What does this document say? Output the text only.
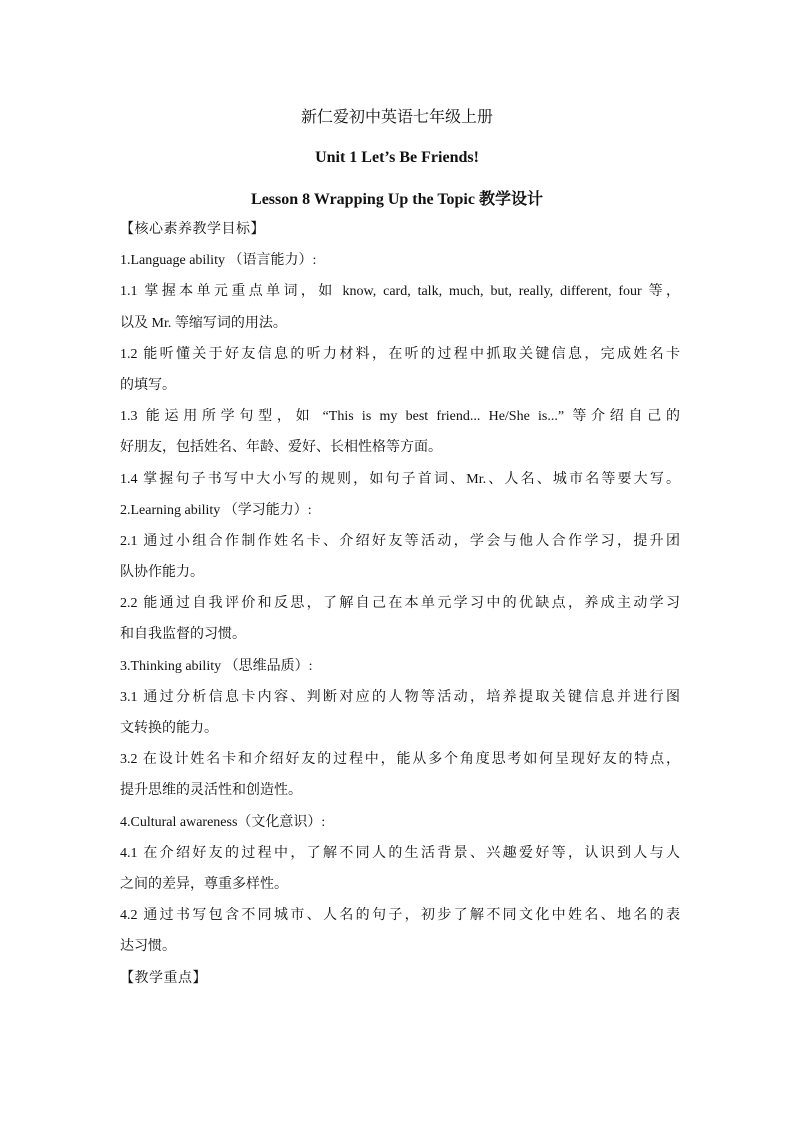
新仁爱初中英语七年级上册
Unit 1 Let’s Be Friends!
Lesson 8 Wrapping Up the Topic 教学设计
【核心素养教学目标】
1.Language ability （语言能力）:
1.1 掌握本单元重点单词，如 know, card, talk, much, but, really, different, four 等，
以及 Mr. 等缩写词的用法。
1.2 能听懂关于好友信息的听力材料，在听的过程中抓取关键信息，完成姓名卡
的填写。
1.3 能运用所学句型，如 “This is my best friend... He/She is...” 等介绍自己的
好朋友，包括姓名、年龄、爱好、长相性格等方面。
1.4 掌握句子书写中大小写的规则，如句子首词、Mr.、人名、城市名等要大写。
2.Learning ability （学习能力）:
2.1 通过小组合作制作姓名卡、介绍好友等活动，学会与他人合作学习，提升团
队协作能力。
2.2 能通过自我评价和反思，了解自己在本单元学习中的优缺点，养成主动学习
和自我监督的习惯。
3.Thinking ability （思维品质）:
3.1 通过分析信息卡内容、判断对应的人物等活动，培养提取关键信息并进行图
文转换的能力。
3.2 在设计姓名卡和介绍好友的过程中，能从多个角度思考如何呈现好友的特点，
提升思维的灵活性和创造性。
4.Cultural awareness（文化意识）:
4.1 在介绍好友的过程中，了解不同人的生活背景、兴趣爱好等，认识到人与人
之间的差异，尊重多样性。
4.2 通过书写包含不同城市、人名的句子，初步了解不同文化中姓名、地名的表
达习惯。
【教学重点】
